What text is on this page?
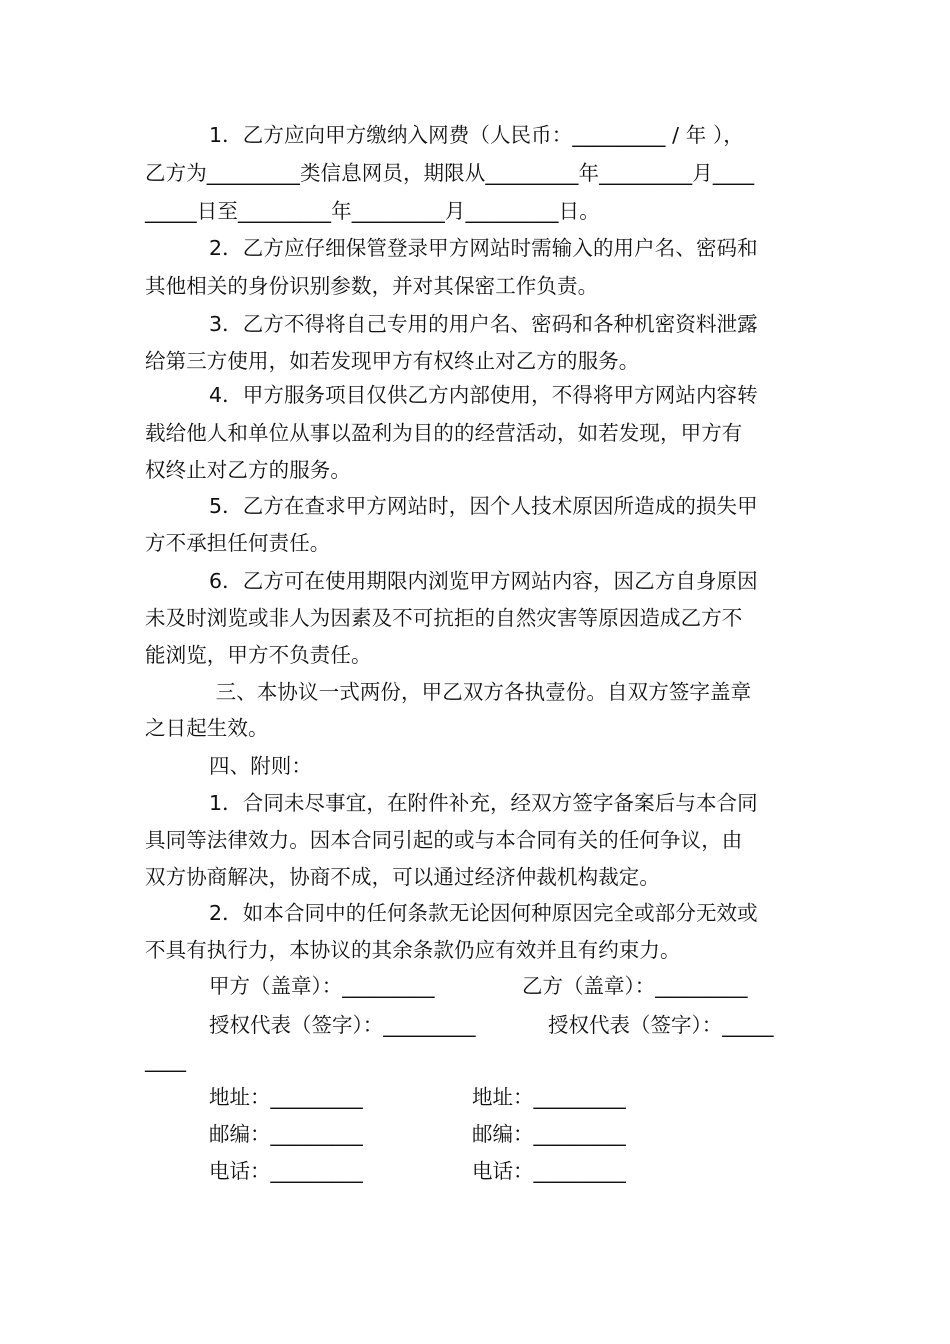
1．乙方应向甲方缴纳入网费（人民币：_________ / 年 ），
乙方为_________类信息网员，期限从_________年_________月____
_____日至_________年_________月_________日。
2．乙方应仔细保管登录甲方网站时需输入的用户名、密码和
其他相关的身份识别参数，并对其保密工作负责。
3．乙方不得将自己专用的用户名、密码和各种机密资料泄露
给第三方使用，如若发现甲方有权终止对乙方的服务。
4．甲方服务项目仅供乙方内部使用，不得将甲方网站内容转
载给他人和单位从事以盈利为目的的经营活动，如若发现，甲方有
权终止对乙方的服务。
5．乙方在查求甲方网站时，因个人技术原因所造成的损失甲
方不承担任何责任。
6．乙方可在使用期限内浏览甲方网站内容，因乙方自身原因
未及时浏览或非人为因素及不可抗拒的自然灾害等原因造成乙方不
能浏览，甲方不负责任。
三、本协议一式两份，甲乙双方各执壹份。自双方签字盖章
之日起生效。
四、附则：
1．合同未尽事宜，在附件补充，经双方签字备案后与本合同
具同等法律效力。因本合同引起的或与本合同有关的任何争议，由
双方协商解决，协商不成，可以通过经济仲裁机构裁定。
2．如本合同中的任何条款无论因何种原因完全或部分无效或
不具有执行力，本协议的其余条款仍应有效并且有约束力。
甲方（盖章）：_________	乙方（盖章）：_________
授权代表（签字）：_________	授权代表（签字）：_____
____
地址：_________	地址：_________
邮编：_________	邮编：_________
电话：_________	电话：_________
